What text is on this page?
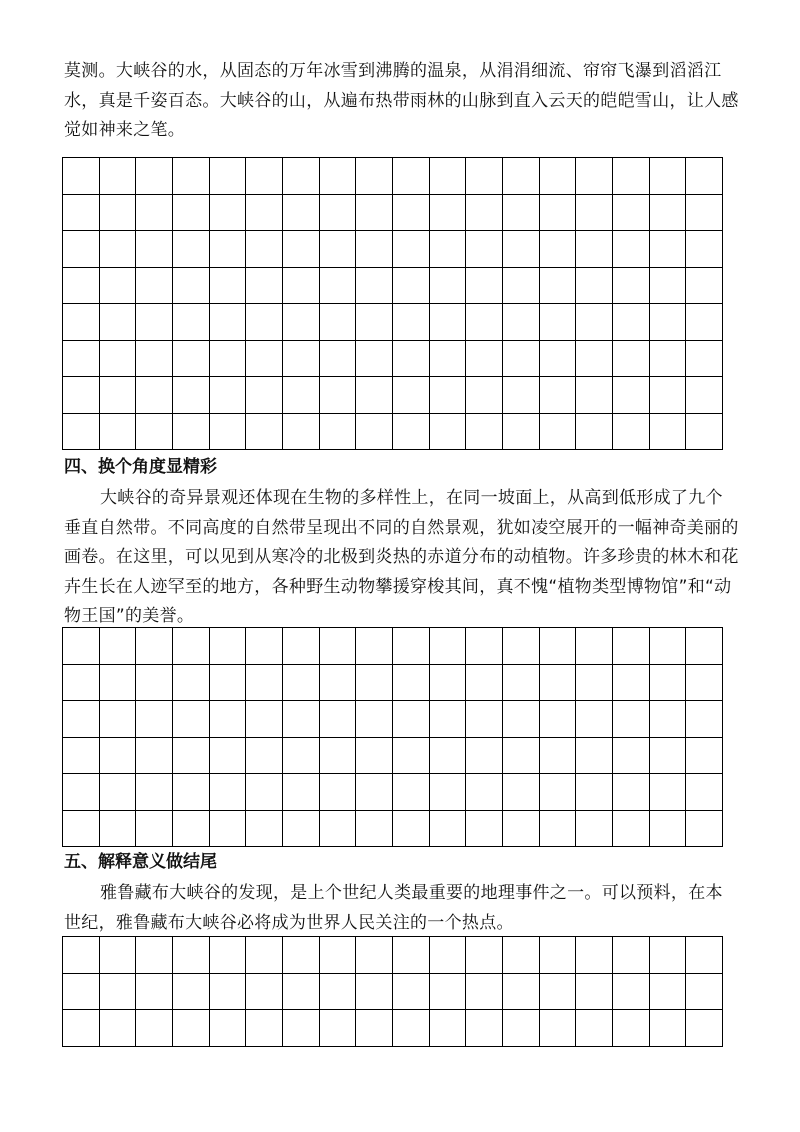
莫测。大峡谷的水，从固态的万年冰雪到沸腾的温泉，从涓涓细流、帘帘飞瀑到滔滔江水，真是千姿百态。大峡谷的山，从遍布热带雨林的山脉到直入云天的皑皑雪山，让人感觉如神来之笔。

四、换个角度显精彩

大峡谷的奇异景观还体现在生物的多样性上，在同一坡面上，从高到低形成了九个垂直自然带。不同高度的自然带呈现出不同的自然景观，犹如凌空展开的一幅神奇美丽的画卷。在这里，可以见到从寒冷的北极到炎热的赤道分布的动植物。许多珍贵的林木和花卉生长在人迹罕至的地方，各种野生动物攀援穿梭其间，真不愧“植物类型博物馆”和“动物王国”的美誉。

五、解释意义做结尾

雅鲁藏布大峡谷的发现，是上个世纪人类最重要的地理事件之一。可以预料，在本世纪，雅鲁藏布大峡谷必将成为世界人民关注的一个热点。
